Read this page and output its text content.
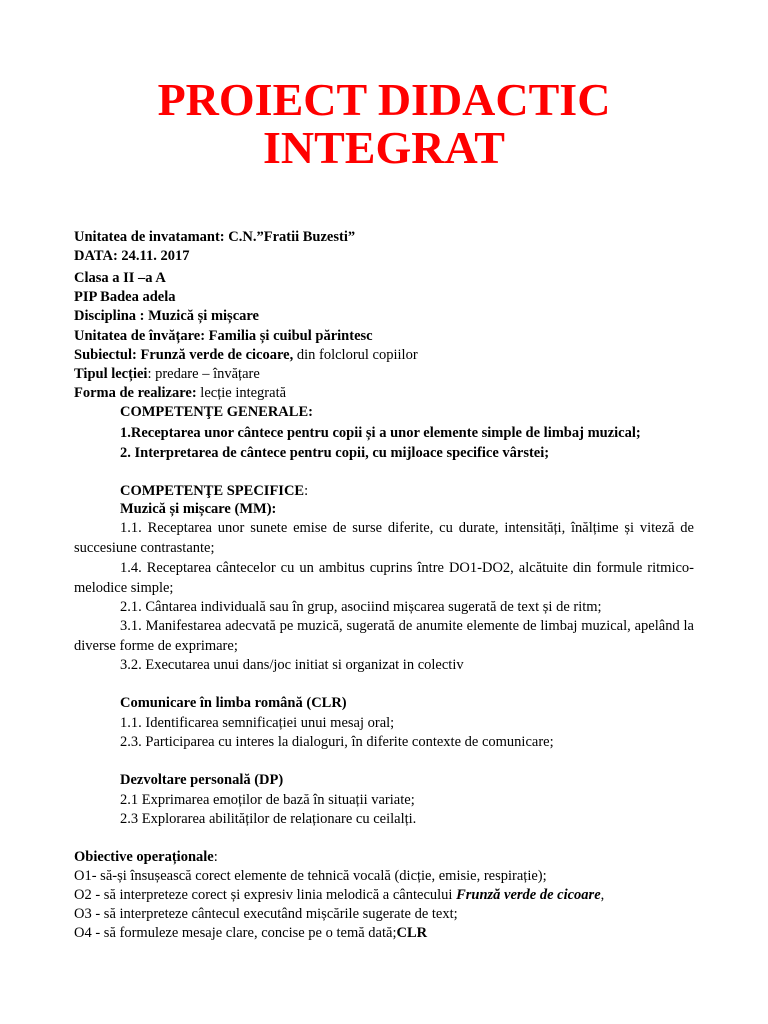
PROIECT DIDACTIC
INTEGRAT
Unitatea de invatamant: C.N.”Fratii Buzesti”
DATA: 24.11. 2017
Clasa a II –a A
PIP Badea adela
Disciplina : Muzică și mișcare
Unitatea de învățare: Familia și cuibul părintesc
Subiectul: Frunză verde de cicoare, din folclorul copiilor
Tipul lecției: predare – învățare
Forma de realizare: lecție integrată
COMPETENŢE GENERALE:
1.Receptarea unor cântece pentru copii și a unor elemente simple de limbaj muzical;
2. Interpretarea de cântece pentru copii, cu mijloace specifice vârstei;
COMPETENŢE SPECIFICE:
Muzică și mișcare (MM):
1.1. Receptarea unor sunete emise de surse diferite, cu durate, intensități, înălțime și viteză de succesiune contrastante;
1.4. Receptarea cântecelor cu un ambitus cuprins între DO1-DO2, alcătuite din formule ritmico- melodice simple;
2.1. Cântarea individuală sau în grup, asociind mișcarea sugerată de text și de ritm;
3.1. Manifestarea adecvată pe muzică, sugerată de anumite elemente de limbaj muzical, apelând la diverse forme de exprimare;
3.2. Executarea unui dans/joc initiat si organizat in colectiv
Comunicare în limba română (CLR)
1.1. Identificarea semnificației unui mesaj oral;
2.3. Participarea cu interes la dialoguri, în diferite contexte de comunicare;
Dezvoltare personală (DP)
2.1 Exprimarea emoților de bază în situații variate;
2.3 Explorarea abilităților de relaționare cu ceilalți.
Obiective operaționale:
O1- să-și însușească corect elemente de tehnică vocală (dicție, emisie, respirație);
O2 - să interpreteze corect și expresiv linia melodică a cântecului Frunză verde de cicoare,
O3 - să interpreteze cântecul executând mișcările sugerate de text;
O4 - să formuleze mesaje clare, concise pe o temă dată;CLR
